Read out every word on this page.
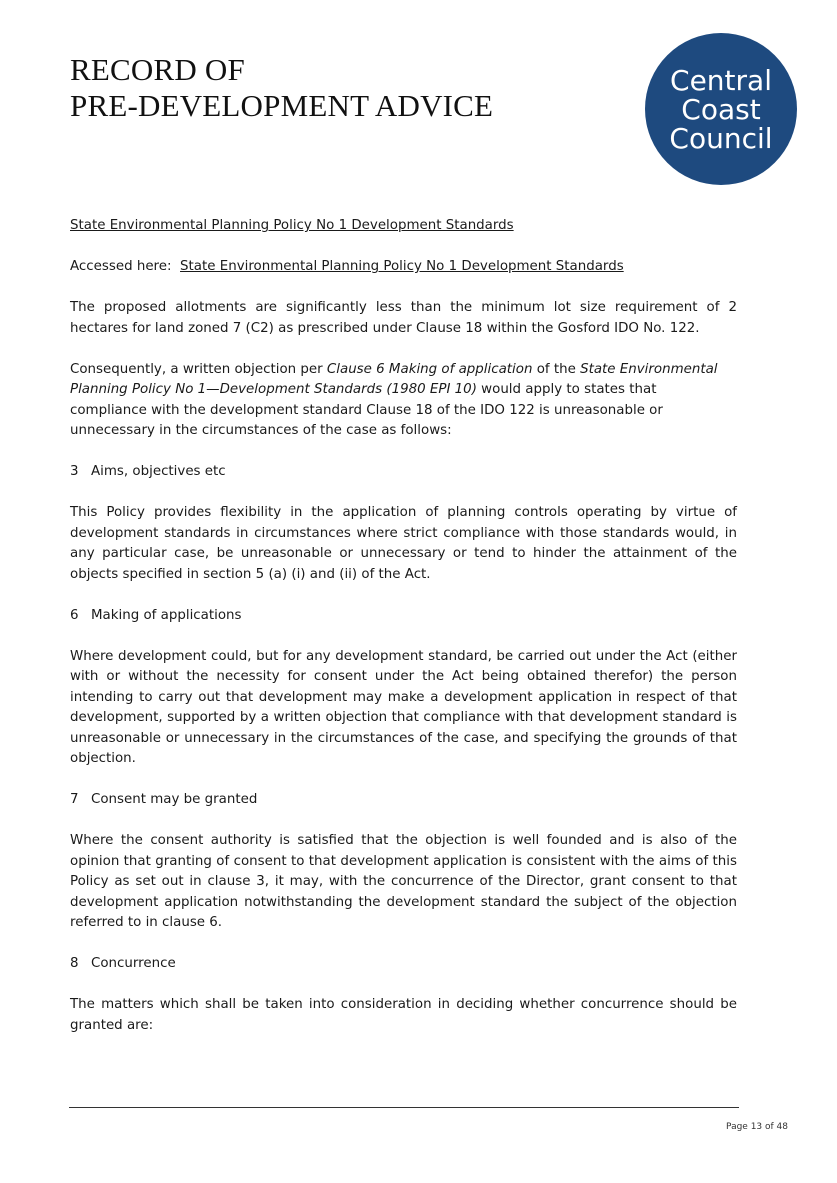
RECORD OF
PRE-DEVELOPMENT ADVICE
Central
Coast
Council

State Environmental Planning Policy No 1 Development Standards

Accessed here: State Environmental Planning Policy No 1 Development Standards

The proposed allotments are significantly less than the minimum lot size requirement of 2 hectares for land zoned 7 (C2) as prescribed under Clause 18 within the Gosford IDO No. 122.

Consequently, a written objection per Clause 6 Making of application of the State Environmental Planning Policy No 1—Development Standards (1980 EPI 10) would apply to states that compliance with the development standard Clause 18 of the IDO 122 is unreasonable or unnecessary in the circumstances of the case as follows:

3 Aims, objectives etc

This Policy provides flexibility in the application of planning controls operating by virtue of development standards in circumstances where strict compliance with those standards would, in any particular case, be unreasonable or unnecessary or tend to hinder the attainment of the objects specified in section 5 (a) (i) and (ii) of the Act.

6 Making of applications

Where development could, but for any development standard, be carried out under the Act (either with or without the necessity for consent under the Act being obtained therefor) the person intending to carry out that development may make a development application in respect of that development, supported by a written objection that compliance with that development standard is unreasonable or unnecessary in the circumstances of the case, and specifying the grounds of that objection.

7 Consent may be granted

Where the consent authority is satisfied that the objection is well founded and is also of the opinion that granting of consent to that development application is consistent with the aims of this Policy as set out in clause 3, it may, with the concurrence of the Director, grant consent to that development application notwithstanding the development standard the subject of the objection referred to in clause 6.

8 Concurrence

The matters which shall be taken into consideration in deciding whether concurrence should be granted are:

Page 13 of 48
